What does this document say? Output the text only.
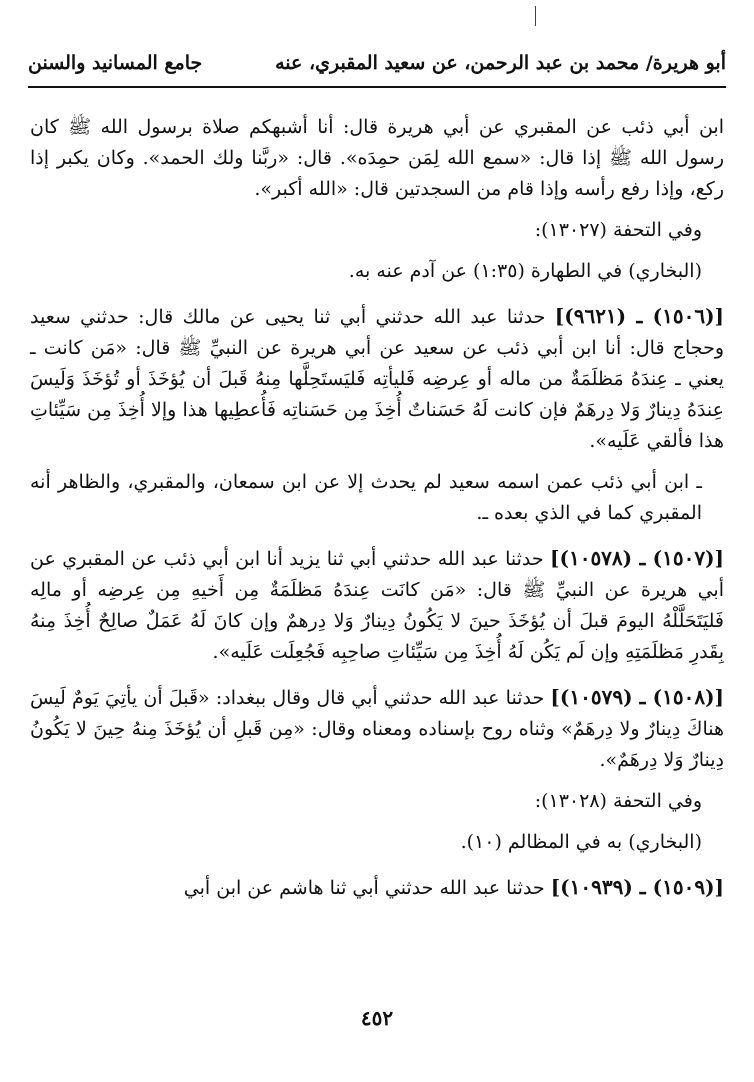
أبو هريرة/ محمد بن عبد الرحمن، عن سعيد المقبري، عنه
جامع المسانيد والسنن

ابن أبي ذئب عن المقبري عن أبي هريرة قال: أنا أشبهكم صلاة برسول الله ﷺ كان رسول الله ﷺ إذا قال: «سمع الله لِمَن حمِدَه». قال: «ربَّنا ولك الحمد». وكان يكبر إذا ركع، وإذا رفع رأسه وإذا قام من السجدتين قال: «الله أكبر».

وفي التحفة (١٣٠٢٧):

(البخاري) في الطهارة (١:٣٥) عن آدم عنه به.

[(١٥٠٦) ـ (٩٦٢١)] حدثنا عبد الله حدثني أبي ثنا يحيى عن مالك قال: حدثني سعيد وحجاج قال: أنا ابن أبي ذئب عن سعيد عن أبي هريرة عن النبيِّ ﷺ قال: «مَن كانت ـ يعني ـ عِندَهُ مَظلَمَةٌ من ماله أو عِرضِه فَليأتِه فَليَستَحِلَّها مِنهُ قَبلَ أن يُؤخَذَ أو تُؤخَذَ وَلَيسَ عِندَهُ دِينارٌ وَلا دِرهَمٌ فإن كانت لَهُ حَسَناتٌ أُخِذَ مِن حَسَناتِه فَأُعطِيها هذا وإلا أُخِذَ مِن سَيِّئاتِ هذا فألقي عَلَيه».

ـ ابن أبي ذئب عمن اسمه سعيد لم يحدث إلا عن ابن سمعان، والمقبري، والظاهر أنه المقبري كما في الذي بعده ـ.

[(١٥٠٧) ـ (١٠٥٧٨)] حدثنا عبد الله حدثني أبي ثنا يزيد أنا ابن أبي ذئب عن المقبري عن أبي هريرة عن النبيِّ ﷺ قال: «مَن كانَت عِندَهُ مَظلَمَةٌ مِن أَخيهِ مِن عِرضِه أو مالِه فَليَتَحَلَّلْهُ اليومَ قبلَ أن يُؤخَذَ حينَ لا يَكُونُ دِينارٌ وَلا دِرهمٌ وإن كانَ لَهُ عَمَلٌ صالِحٌ أُخِذَ مِنهُ بِقَدرِ مَظلَمَتِهِ وإن لَم يَكُن لَهُ أُخِذَ مِن سَيِّئاتِ صاحِبِه فَجُعِلَت عَلَيه».

[(١٥٠٨) ـ (١٠٥٧٩)] حدثنا عبد الله حدثني أبي قال وقال ببغداد: «قَبلَ أن يأتِيَ يَومٌ لَيسَ هناكَ دِينارٌ ولا دِرهَمٌ» وثناه روح بإسناده ومعناه وقال: «مِن قَبلِ أن يُؤخَذَ مِنهُ حِينَ لا يَكُونُ دِينارٌ وَلا دِرهَمٌ».

وفي التحفة (١٣٠٢٨):

(البخاري) به في المظالم (١٠).

[(١٥٠٩) ـ (١٠٩٣٩)] حدثنا عبد الله حدثني أبي ثنا هاشم عن ابن أبي

٤٥٢
